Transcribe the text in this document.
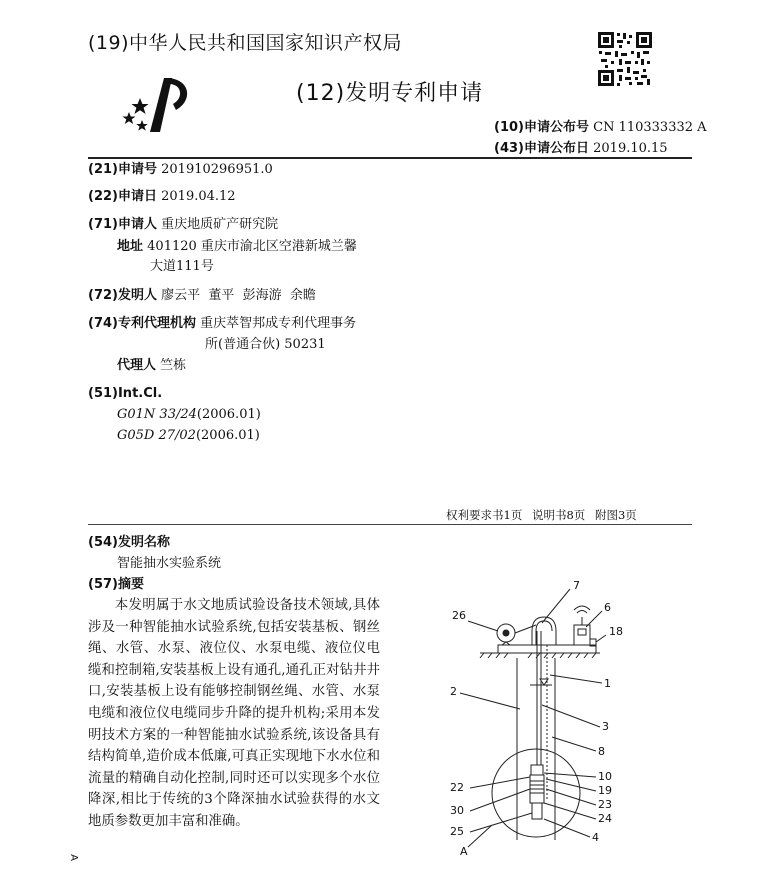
(19)中华人民共和国国家知识产权局
(12)发明专利申请
(10)申请公布号 CN 110333332 A
(43)申请公布日 2019.10.15
(21)申请号 201910296951.0
(22)申请日 2019.04.12
(71)申请人 重庆地质矿产研究院
地址 401120 重庆市渝北区空港新城兰馨
大道111号
(72)发明人 廖云平  董平  彭海游  余瞻
(74)专利代理机构 重庆萃智邦成专利代理事务
所(普通合伙) 50231
代理人 竺栋
(51)Int.Cl.
G01N 33/24(2006.01)
G05D 27/02(2006.01)
权利要求书1页 说明书8页 附图3页
(54)发明名称
智能抽水实验系统
(57)摘要
本发明属于水文地质试验设备技术领域,具体涉及一种智能抽水试验系统,包括安装基板、钢丝绳、水管、水泵、液位仪、水泵电缆、液位仪电缆和控制箱,安装基板上设有通孔,通孔正对钻井井口,安装基板上设有能够控制钢丝绳、水管、水泵电缆和液位仪电缆同步升降的提升机构;采用本发明技术方案的一种智能抽水试验系统,该设备具有结构简单,造价成本低廉,可真正实现地下水水位和流量的精确自动化控制,同时还可以实现多个水位降深,相比于传统的3个降深抽水试验获得的水文地质参数更加丰富和准确。
7
26
6
18
1
2
3
8
10
19
22
23
30
24
25	4
A
A
